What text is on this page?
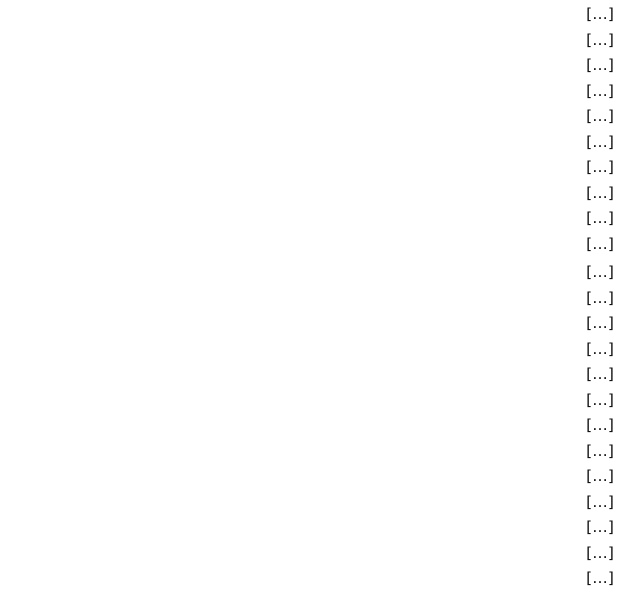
[…]
[…]
[…]
[…]
[…]
[…]
[…]
[…]
[…]
[…]
[…]
[…]
[…]
[…]
[…]
[…]
[…]
[…]
[…]
[…]
[…]
[…]
[…]
